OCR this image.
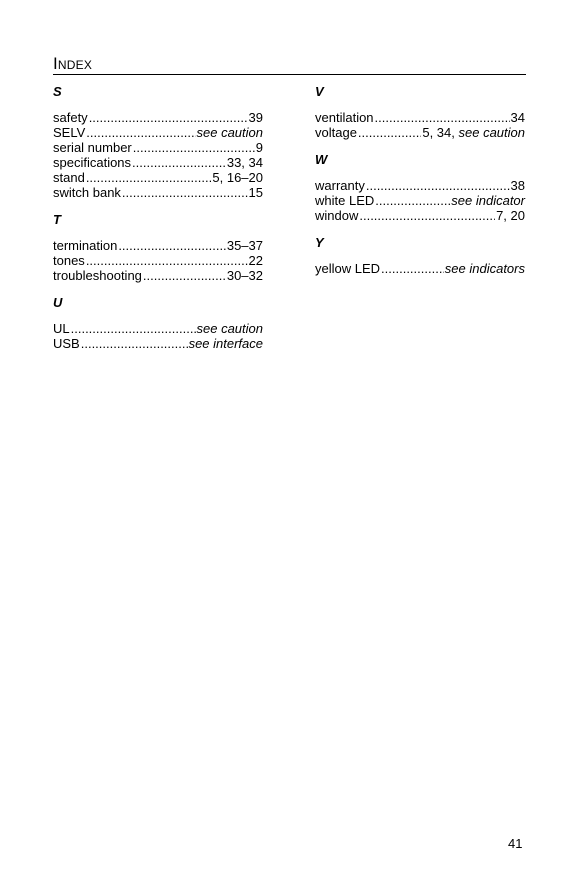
Index
S
safety .....	39
SELV .....	see caution
serial number .....	9
specifications .....	33, 34
stand .....	5, 16–20
switch bank .....	15
T
termination .....	35–37
tones .....	22
troubleshooting .....	30–32
U
UL .....	see caution
USB .....	see interface
V
ventilation .....	34
voltage .....	5, 34, see caution
W
warranty .....	38
white LED .....	see indicator
window .....	7, 20
Y
yellow LED .....	see indicators
41
